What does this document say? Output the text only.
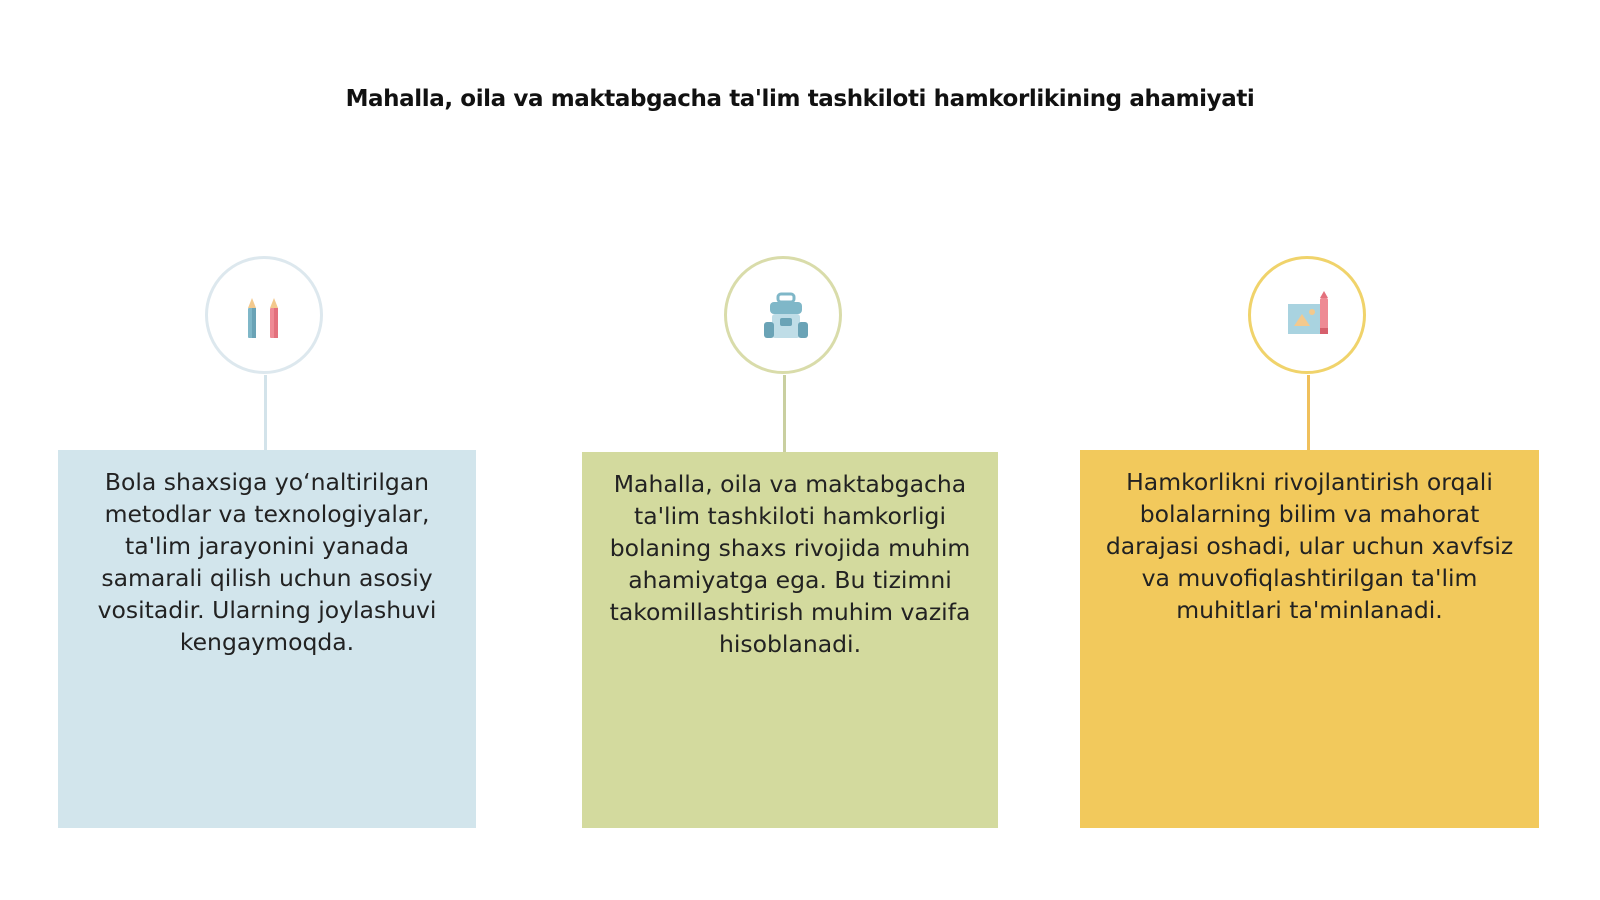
Mahalla, oila va maktabgacha ta'lim tashkiloti hamkorlikining ahamiyati
Bola shaxsiga yo‘naltirilgan metodlar va texnologiyalar, ta'lim jarayonini yanada samarali qilish uchun asosiy vositadir. Ularning joylashuvi kengaymoqda.
Mahalla, oila va maktabgacha ta'lim tashkiloti hamkorligi bolaning shaxs rivojida muhim ahamiyatga ega. Bu tizimni takomillashtirish muhim vazifa hisoblanadi.
Hamkorlikni rivojlantirish orqali bolalarning bilim va mahorat darajasi oshadi, ular uchun xavfsiz va muvofiqlashtirilgan ta'lim muhitlari ta'minlanadi.
